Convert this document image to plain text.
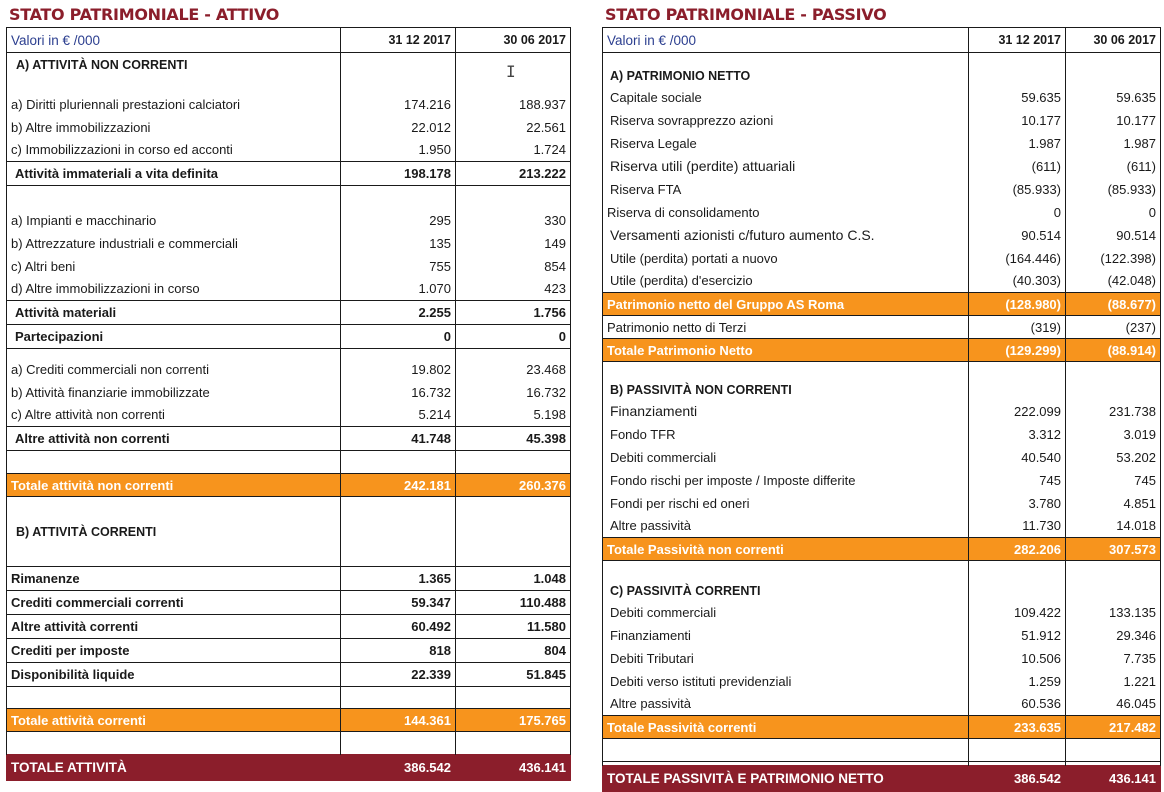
STATO PATRIMONIALE - ATTIVO
Valori in € /000	31 12 2017	30 06 2017
A) ATTIVITÀ NON CORRENTI		
a) Diritti pluriennali prestazioni calciatori	174.216	188.937
b) Altre immobilizzazioni	22.012	22.561
c) Immobilizzazioni in corso ed acconti	1.950	1.724
Attività immateriali a vita definita	198.178	213.222

a) Impianti e macchinario	295	330
b) Attrezzature industriali e commerciali	135	149
c) Altri beni	755	854
d) Altre immobilizzazioni in corso	1.070	423
Attività materiali	2.255	1.756
Partecipazioni	0	0

a) Crediti commerciali non correnti	19.802	23.468
b) Attività finanziarie immobilizzate	16.732	16.732
c) Altre attività non correnti	5.214	5.198
Altre attività non correnti	41.748	45.398

Totale attività non correnti	242.181	260.376
B) ATTIVITÀ CORRENTI		
Rimanenze	1.365	1.048
Crediti commerciali correnti	59.347	110.488
Altre attività correnti	60.492	11.580
Crediti per imposte	818	804
Disponibilità liquide	22.339	51.845

Totale attività correnti	144.361	175.765

TOTALE ATTIVITÀ	386.542	436.141
I
STATO PATRIMONIALE - PASSIVO
Valori in € /000	31 12 2017	30 06 2017
A) PATRIMONIO NETTO		
Capitale sociale	59.635	59.635
Riserva sovrapprezzo azioni	10.177	10.177
Riserva Legale	1.987	1.987
Riserva utili (perdite) attuariali	(611)	(611)
Riserva FTA	(85.933)	(85.933)
Riserva di consolidamento	0	0
Versamenti azionisti c/futuro aumento C.S.	90.514	90.514
Utile (perdita) portati a nuovo	(164.446)	(122.398)
Utile (perdita) d'esercizio	(40.303)	(42.048)
Patrimonio netto del Gruppo AS Roma	(128.980)	(88.677)
Patrimonio netto di Terzi	(319)	(237)
Totale Patrimonio Netto	(129.299)	(88.914)
B) PASSIVITÀ NON CORRENTI		
Finanziamenti	222.099	231.738
Fondo TFR	3.312	3.019
Debiti commerciali	40.540	53.202
Fondo rischi per imposte / Imposte differite	745	745
Fondi per rischi ed oneri	3.780	4.851
Altre passività	11.730	14.018
Totale Passività non correnti	282.206	307.573
C) PASSIVITÀ CORRENTI		
Debiti commerciali	109.422	133.135
Finanziamenti	51.912	29.346
Debiti Tributari	10.506	7.735
Debiti verso istituti previdenziali	1.259	1.221
Altre passività	60.536	46.045
Totale Passività correnti	233.635	217.482

TOTALE PASSIVITÀ E PATRIMONIO NETTO	386.542	436.141
